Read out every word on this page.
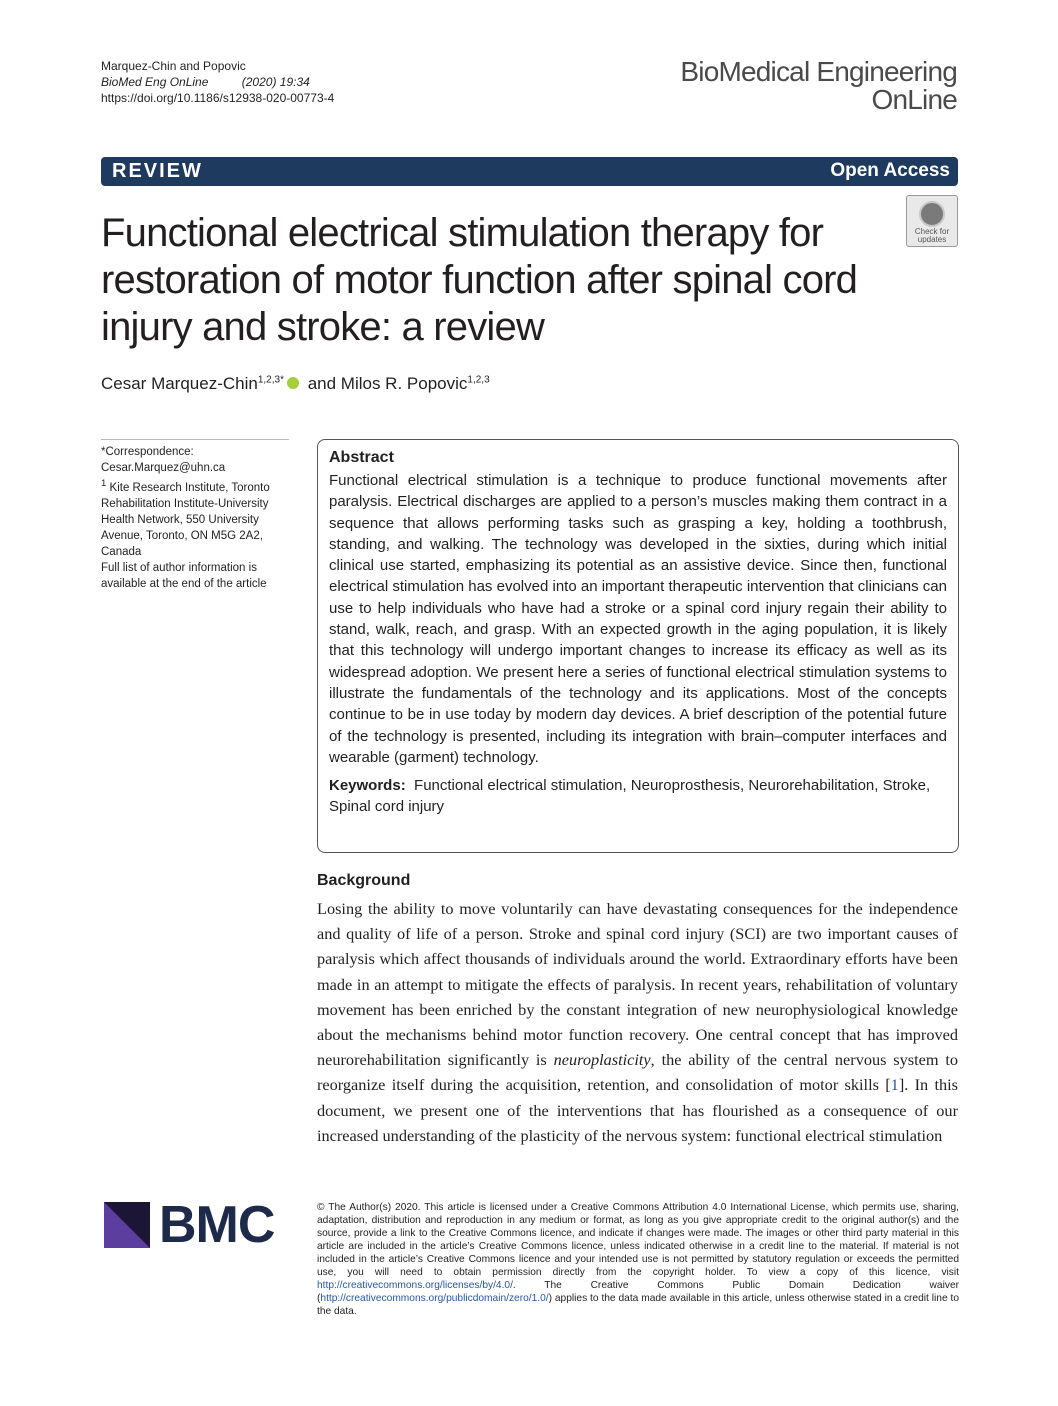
Marquez-Chin and Popovic
BioMed Eng OnLine	(2020) 19:34
https://doi.org/10.1186/s12938-020-00773-4
BioMedical Engineering
OnLine
REVIEW	Open Access
Functional electrical stimulation therapy for restoration of motor function after spinal cord injury and stroke: a review
Check for
updates
Cesar Marquez-Chin$^{1,2,3*}$ and Milos R. Popovic$^{1,2,3}$
*Correspondence:
Cesar.Marquez@uhn.ca
$^1$ Kite Research Institute, Toronto Rehabilitation Institute-University Health Network, 550 University Avenue, Toronto, ON M5G 2A2, Canada
Full list of author information is available at the end of the article
Abstract
Functional electrical stimulation is a technique to produce functional movements after paralysis. Electrical discharges are applied to a person’s muscles making them contract in a sequence that allows performing tasks such as grasping a key, holding a toothbrush, standing, and walking. The technology was developed in the sixties, during which initial clinical use started, emphasizing its potential as an assistive device. Since then, functional electrical stimulation has evolved into an important therapeutic intervention that clinicians can use to help individuals who have had a stroke or a spinal cord injury regain their ability to stand, walk, reach, and grasp. With an expected growth in the aging population, it is likely that this technology will undergo important changes to increase its efficacy as well as its widespread adoption. We present here a series of functional electrical stimulation systems to illustrate the fundamentals of the technology and its applications. Most of the concepts continue to be in use today by modern day devices. A brief description of the potential future of the technology is presented, including its integration with brain–computer interfaces and wearable (garment) technology.
Keywords: Functional electrical stimulation, Neuroprosthesis, Neurorehabilitation, Stroke, Spinal cord injury
Background
Losing the ability to move voluntarily can have devastating consequences for the independence and quality of life of a person. Stroke and spinal cord injury (SCI) are two important causes of paralysis which affect thousands of individuals around the world. Extraordinary efforts have been made in an attempt to mitigate the effects of paralysis. In recent years, rehabilitation of voluntary movement has been enriched by the constant integration of new neurophysiological knowledge about the mechanisms behind motor function recovery. One central concept that has improved neurorehabilitation significantly is neuroplasticity, the ability of the central nervous system to reorganize itself during the acquisition, retention, and consolidation of motor skills [1]. In this document, we present one of the interventions that has flourished as a consequence of our increased understanding of the plasticity of the nervous system: functional electrical stimulation
BMC	© The Author(s) 2020. This article is licensed under a Creative Commons Attribution 4.0 International License, which permits use, sharing, adaptation, distribution and reproduction in any medium or format, as long as you give appropriate credit to the original author(s) and the source, provide a link to the Creative Commons licence, and indicate if changes were made. The images or other third party material in this article are included in the article’s Creative Commons licence, unless indicated otherwise in a credit line to the material. If material is not included in the article’s Creative Commons licence and your intended use is not permitted by statutory regulation or exceeds the permitted use, you will need to obtain permission directly from the copyright holder. To view a copy of this licence, visit http://creativecommons.org/licenses/by/4.0/. The Creative Commons Public Domain Dedication waiver (http://creativecommons.org/publicdomain/zero/1.0/) applies to the data made available in this article, unless otherwise stated in a credit line to the data.
